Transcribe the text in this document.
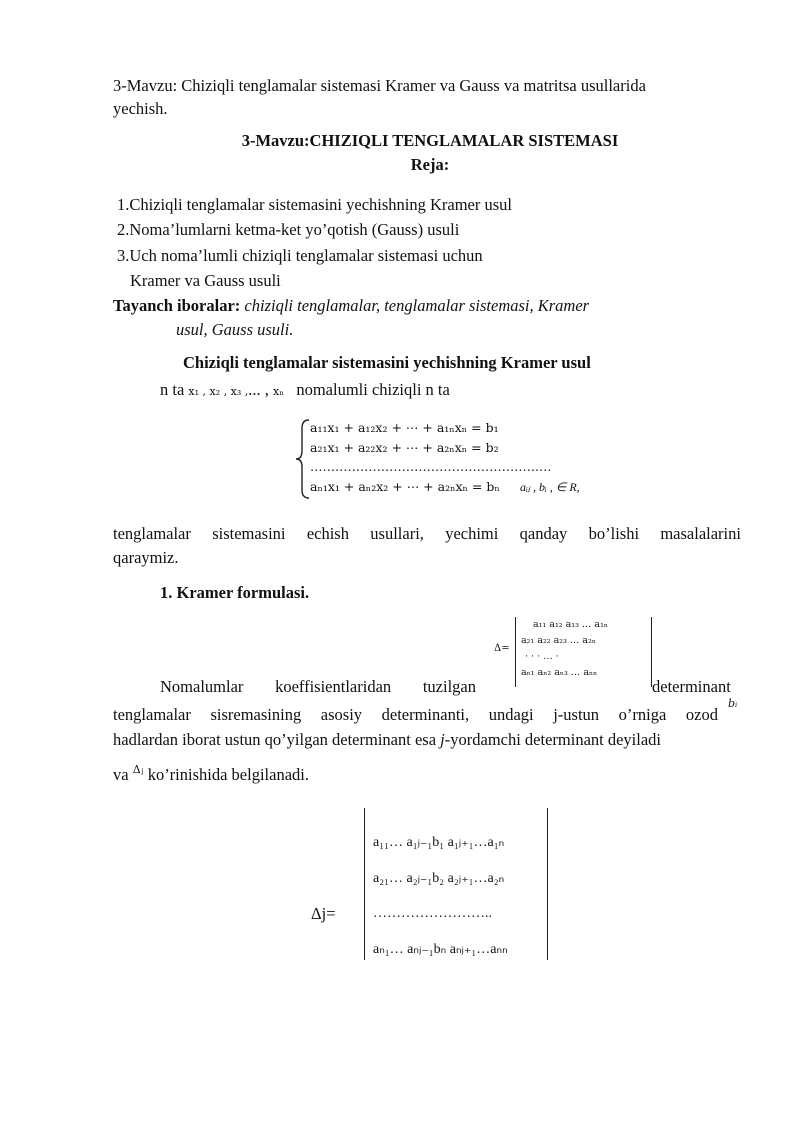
3-Mavzu: Chiziqli tenglamalar sistemasi Kramer va Gauss va matritsa usullarida
yechish.
3-Mavzu:CHIZIQLI TENGLAMALAR SISTEMASI
Reja:
1.Chiziqli tenglamalar sistemasini yechishning Kramer usul
2.Noma’lumlarni ketma-ket yo’qotish (Gauss) usuli
3.Uch noma’lumli chiziqli tenglamalar sistemasi uchun
Kramer va Gauss usuli
Tayanch iboralar: chiziqli tenglamalar, tenglamalar sistemasi, Kramer
usul, Gauss usuli.
Chiziqli tenglamalar sistemasini yechishning Kramer usul
n ta x₁ , x₂ , x₃ ,... , xₙ nomalumli chiziqli n ta
a₁₁x₁ + a₁₂x₂ + ⋯ + a₁ₙxₙ = b₁
a₂₁x₁ + a₂₂x₂ + ⋯ + a₂ₙxₙ = b₂
……………………………………………….…
aₙ₁x₁ + aₙ₂x₂ + ⋯ + a₂ₙxₙ = bₙ	aᵢⱼ , bᵢ , ∈ R,
tenglamalar sistemasini echish usullari, yechimi qanday bo’lishi masalalarini
qaraymiz.
1. Kramer formulasi.
Δ=
a₁₁ a₁₂ a₁₃ … a₁ₙ
a₂₁ a₂₂ a₂₃ … a₂ₙ
· · · … ·
aₙ₁ aₙ₂ aₙ₃ … aₙₙ
Nomalumlar koeffisientlaridan tuzilgan	determinant
tenglamalar sisremasining asosiy determinanti, undagi j-ustun o’rniga ozod
bᵢ
hadlardan iborat ustun qo’yilgan determinant esa j-yordamchi determinant deyiladi
va $^{\Delta ⱼ}$ ko’rinishida belgilanadi.
Δj=
a₁₁… a₁ⱼ₋₁b₁ a₁ⱼ₊₁…a₁ₙ
a₂₁… a₂ⱼ₋₁b₂ a₂ⱼ₊₁…a₂ₙ
……………………..
aₙ₁… aₙⱼ₋₁bₙ aₙⱼ₊₁…aₙₙ
